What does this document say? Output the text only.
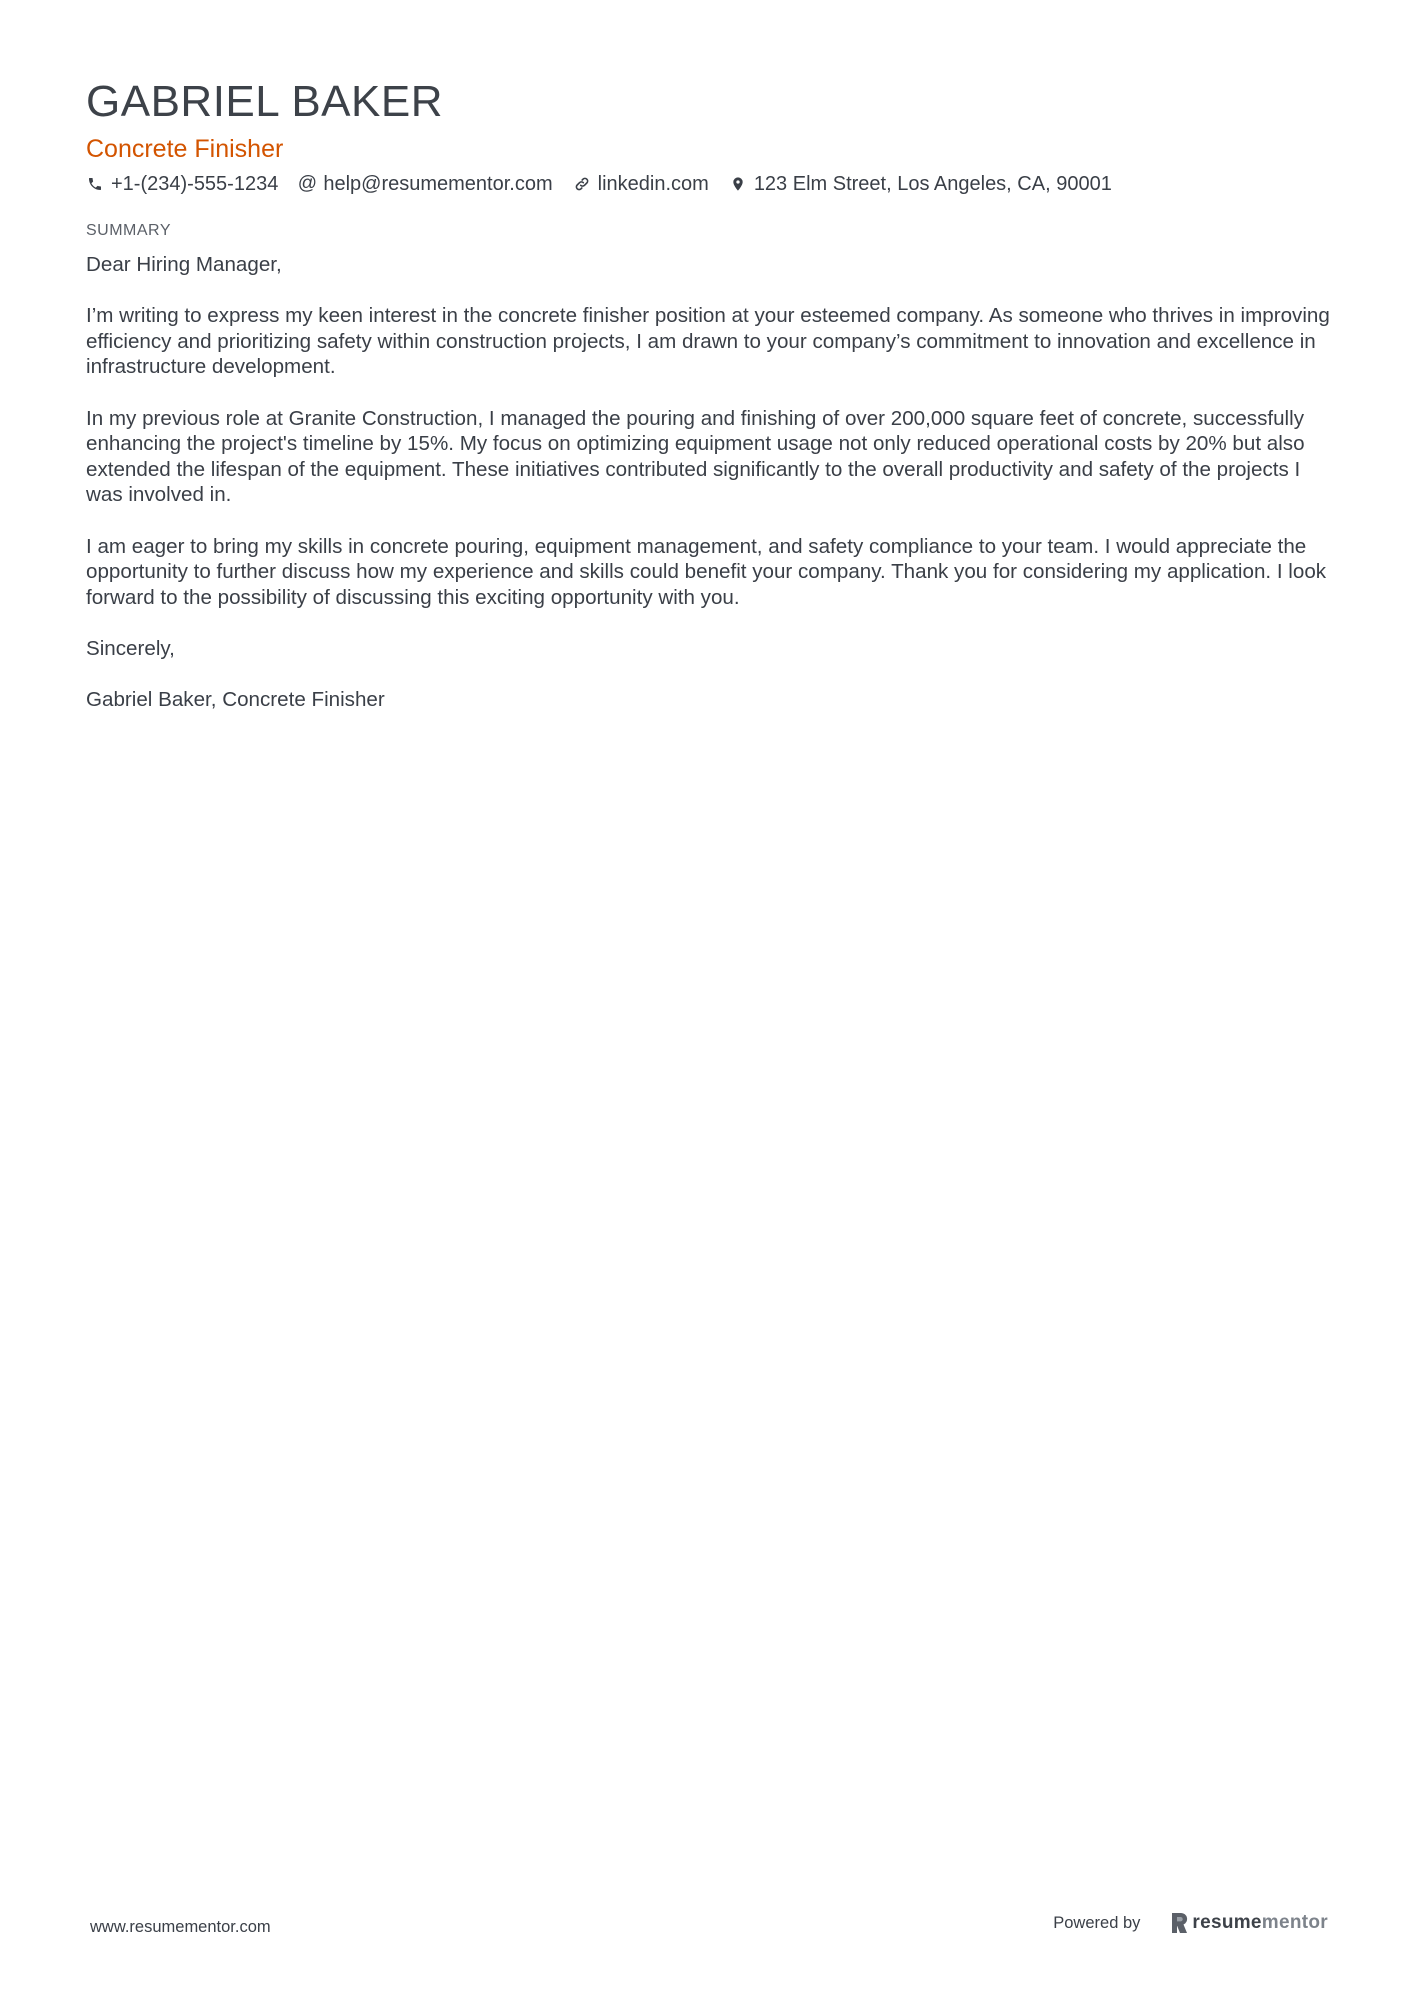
GABRIEL BAKER
Concrete Finisher
+1-(234)-555-1234 @ help@resumementor.com linkedin.com 123 Elm Street, Los Angeles, CA, 90001
SUMMARY

Dear Hiring Manager,

I’m writing to express my keen interest in the concrete finisher position at your esteemed company. As someone who thrives in improving efficiency and prioritizing safety within construction projects, I am drawn to your company’s commitment to innovation and excellence in infrastructure development.

In my previous role at Granite Construction, I managed the pouring and finishing of over 200,000 square feet of concrete, successfully enhancing the project's timeline by 15%. My focus on optimizing equipment usage not only reduced operational costs by 20% but also extended the lifespan of the equipment. These initiatives contributed significantly to the overall productivity and safety of the projects I was involved in.

I am eager to bring my skills in concrete pouring, equipment management, and safety compliance to your team. I would appreciate the opportunity to further discuss how my experience and skills could benefit your company. Thank you for considering my application. I look forward to the possibility of discussing this exciting opportunity with you.

Sincerely,

Gabriel Baker, Concrete Finisher

www.resumementor.com	Powered by	resumementor
